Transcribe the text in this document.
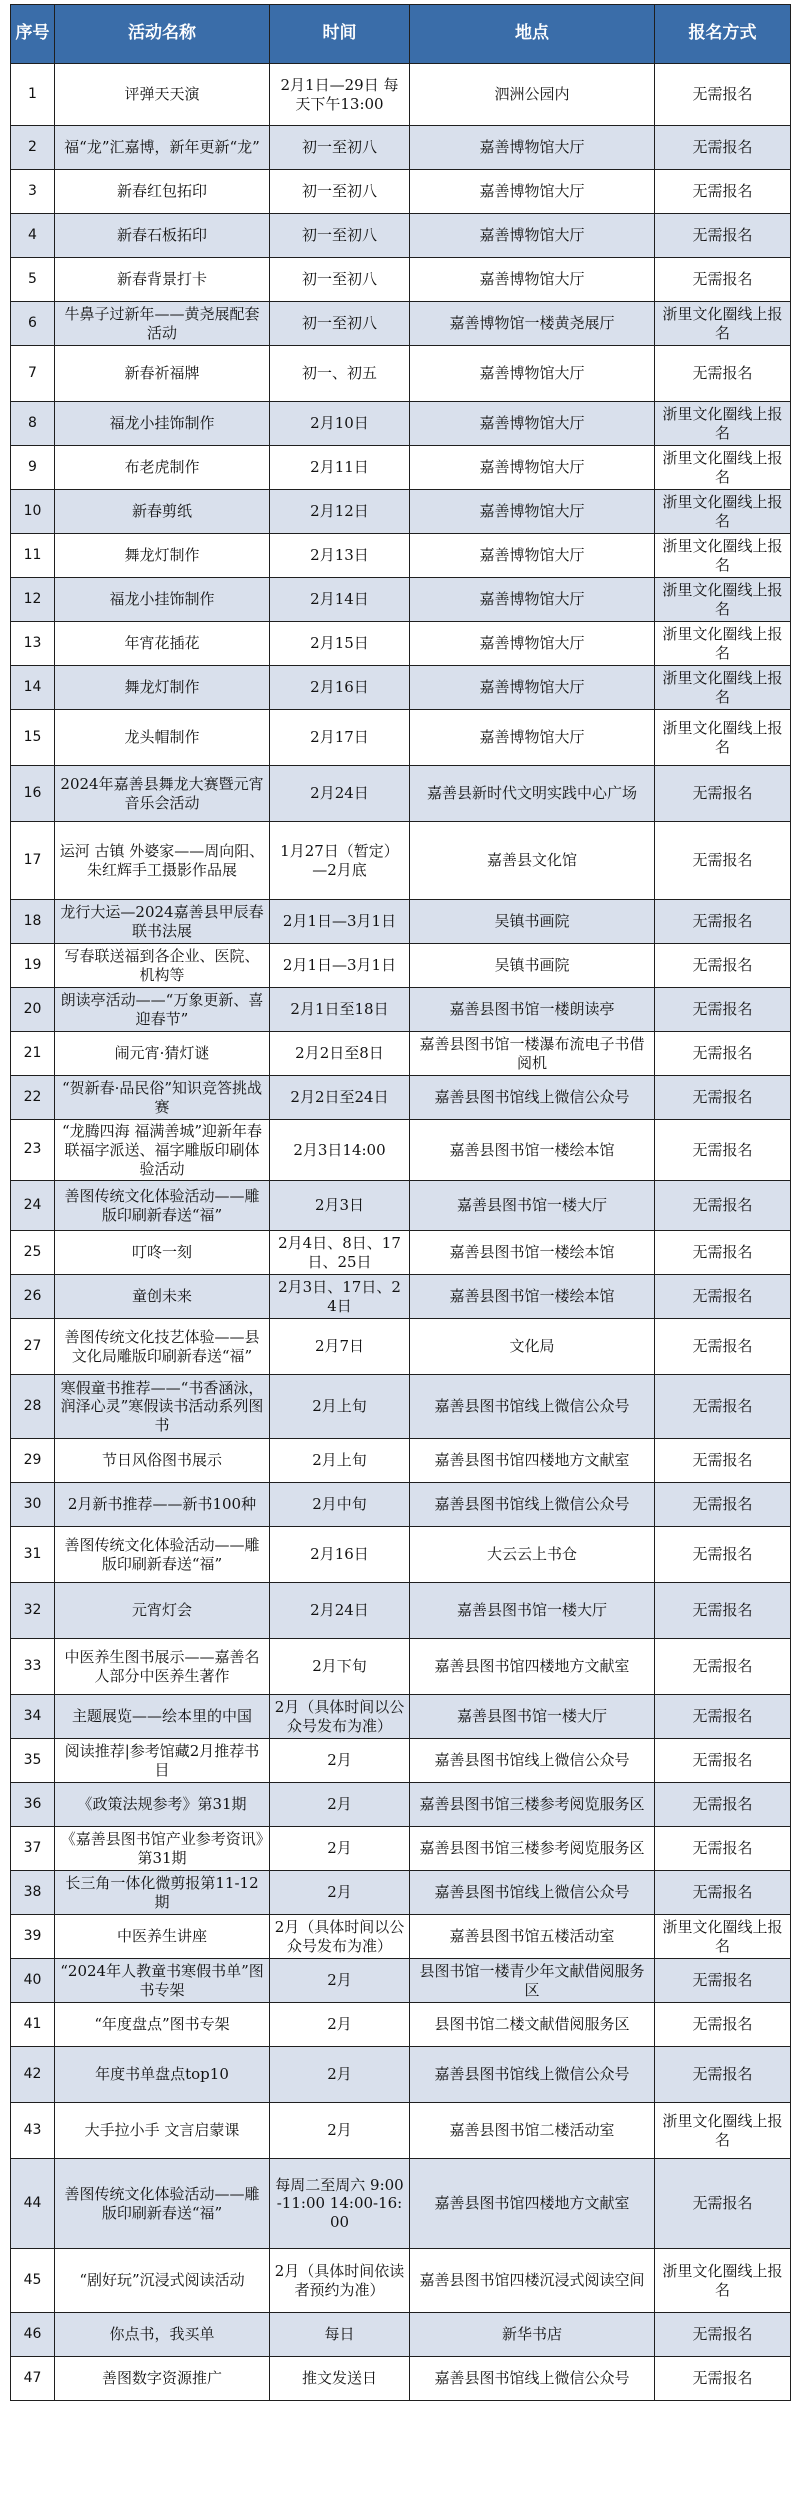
序号	活动名称	时间	地点	报名方式
1	评弹天天演	2月1日—29日 每天下午13:00	泗洲公园内	无需报名
2	福“龙”汇嘉博，新年更新“龙”	初一至初八	嘉善博物馆大厅	无需报名
3	新春红包拓印	初一至初八	嘉善博物馆大厅	无需报名
4	新春石板拓印	初一至初八	嘉善博物馆大厅	无需报名
5	新春背景打卡	初一至初八	嘉善博物馆大厅	无需报名
6	牛鼻子过新年——黄尧展配套活动	初一至初八	嘉善博物馆一楼黄尧展厅	浙里文化圈线上报名
7	新春祈福牌	初一、初五	嘉善博物馆大厅	无需报名
8	福龙小挂饰制作	2月10日	嘉善博物馆大厅	浙里文化圈线上报名
9	布老虎制作	2月11日	嘉善博物馆大厅	浙里文化圈线上报名
10	新春剪纸	2月12日	嘉善博物馆大厅	浙里文化圈线上报名
11	舞龙灯制作	2月13日	嘉善博物馆大厅	浙里文化圈线上报名
12	福龙小挂饰制作	2月14日	嘉善博物馆大厅	浙里文化圈线上报名
13	年宵花插花	2月15日	嘉善博物馆大厅	浙里文化圈线上报名
14	舞龙灯制作	2月16日	嘉善博物馆大厅	浙里文化圈线上报名
15	龙头帽制作	2月17日	嘉善博物馆大厅	浙里文化圈线上报名
16	2024年嘉善县舞龙大赛暨元宵音乐会活动	2月24日	嘉善县新时代文明实践中心广场	无需报名
17	运河 古镇 外婆家——周向阳、朱红辉手工摄影作品展	1月27日（暂定）—2月底	嘉善县文化馆	无需报名
18	龙行大运—2024嘉善县甲辰春联书法展	2月1日—3月1日	吴镇书画院	无需报名
19	写春联送福到各企业、医院、机构等	2月1日—3月1日	吴镇书画院	无需报名
20	朗读亭活动——“万象更新、喜迎春节”	2月1日至18日	嘉善县图书馆一楼朗读亭	无需报名
21	闹元宵·猜灯谜	2月2日至8日	嘉善县图书馆一楼瀑布流电子书借阅机	无需报名
22	“贺新春·品民俗”知识竞答挑战赛	2月2日至24日	嘉善县图书馆线上微信公众号	无需报名
23	“龙腾四海 福满善城”迎新年春联福字派送、福字雕版印刷体验活动	2月3日14:00	嘉善县图书馆一楼绘本馆	无需报名
24	善图传统文化体验活动——雕版印刷新春送“福”	2月3日	嘉善县图书馆一楼大厅	无需报名
25	叮咚一刻	2月4日、8日、17日、25日	嘉善县图书馆一楼绘本馆	无需报名
26	童创未来	2月3日、17日、24日	嘉善县图书馆一楼绘本馆	无需报名
27	善图传统文化技艺体验——县文化局雕版印刷新春送“福”	2月7日	文化局	无需报名
28	寒假童书推荐——“书香涵泳，润泽心灵”寒假读书活动系列图书	2月上旬	嘉善县图书馆线上微信公众号	无需报名
29	节日风俗图书展示	2月上旬	嘉善县图书馆四楼地方文献室	无需报名
30	2月新书推荐——新书100种	2月中旬	嘉善县图书馆线上微信公众号	无需报名
31	善图传统文化体验活动——雕版印刷新春送“福”	2月16日	大云云上书仓	无需报名
32	元宵灯会	2月24日	嘉善县图书馆一楼大厅	无需报名
33	中医养生图书展示——嘉善名人部分中医养生著作	2月下旬	嘉善县图书馆四楼地方文献室	无需报名
34	主题展览——绘本里的中国	2月（具体时间以公众号发布为准）	嘉善县图书馆一楼大厅	无需报名
35	阅读推荐|参考馆藏2月推荐书目	2月	嘉善县图书馆线上微信公众号	无需报名
36	《政策法规参考》第31期	2月	嘉善县图书馆三楼参考阅览服务区	无需报名
37	《嘉善县图书馆产业参考资讯》第31期	2月	嘉善县图书馆三楼参考阅览服务区	无需报名
38	长三角一体化微剪报第11-12期	2月	嘉善县图书馆线上微信公众号	无需报名
39	中医养生讲座	2月（具体时间以公众号发布为准）	嘉善县图书馆五楼活动室	浙里文化圈线上报名
40	“2024年人教童书寒假书单”图书专架	2月	县图书馆一楼青少年文献借阅服务区	无需报名
41	“年度盘点”图书专架	2月	县图书馆二楼文献借阅服务区	无需报名
42	年度书单盘点top10	2月	嘉善县图书馆线上微信公众号	无需报名
43	大手拉小手 文言启蒙课	2月	嘉善县图书馆二楼活动室	浙里文化圈线上报名
44	善图传统文化体验活动——雕版印刷新春送“福”	每周二至周六 9:00-11:00 14:00-16:00	嘉善县图书馆四楼地方文献室	无需报名
45	“剧好玩”沉浸式阅读活动	2月（具体时间依读者预约为准）	嘉善县图书馆四楼沉浸式阅读空间	浙里文化圈线上报名
46	你点书，我买单	每日	新华书店	无需报名
47	善图数字资源推广	推文发送日	嘉善县图书馆线上微信公众号	无需报名
